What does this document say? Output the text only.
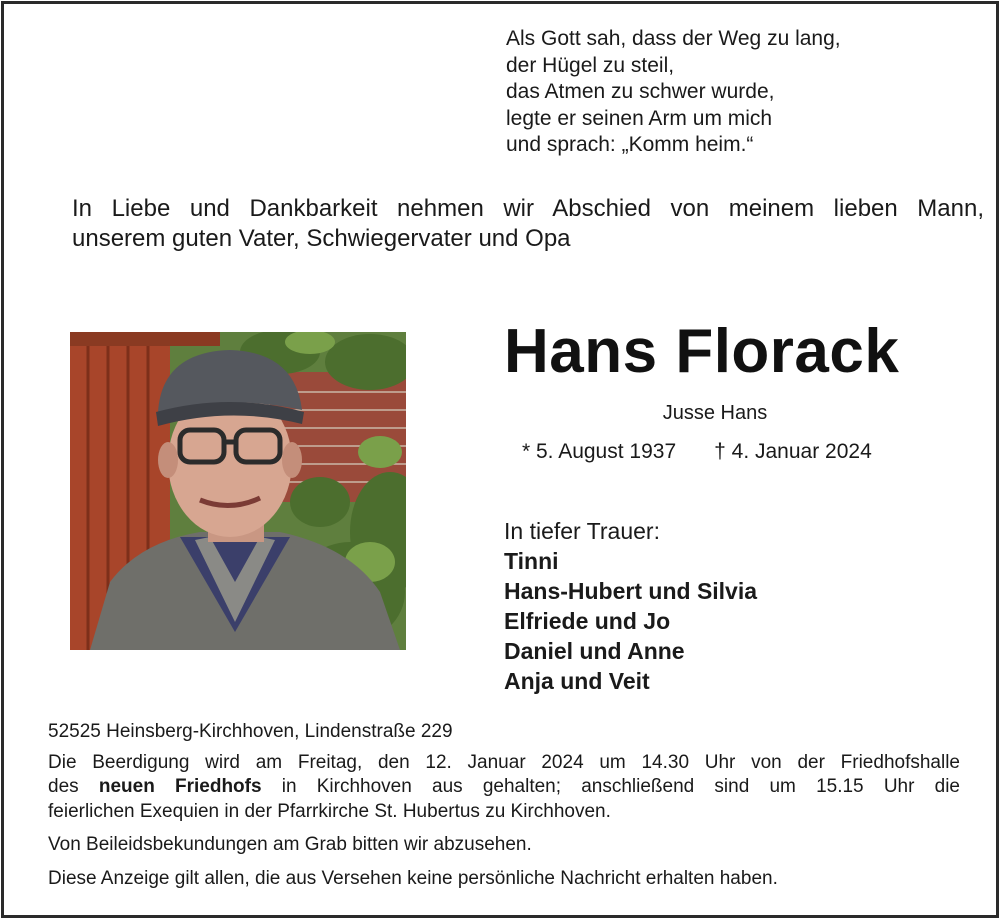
Als Gott sah, dass der Weg zu lang,
der Hügel zu steil,
das Atmen zu schwer wurde,
legte er seinen Arm um mich
und sprach: „Komm heim.“
In Liebe und Dankbarkeit nehmen wir Abschied von meinem lieben Mann,
unserem guten Vater, Schwiegervater und Opa
Hans Florack
Jusse Hans
* 5. August 1937 † 4. Januar 2024
In tiefer Trauer:
Tinni
Hans-Hubert und Silvia
Elfriede und Jo
Daniel und Anne
Anja und Veit
52525 Heinsberg-Kirchhoven, Lindenstraße 229
Die Beerdigung wird am Freitag, den 12. Januar 2024 um 14.30 Uhr von der Friedhofshalle
des neuen Friedhofs in Kirchhoven aus gehalten; anschließend sind um 15.15 Uhr die
feierlichen Exequien in der Pfarrkirche St. Hubertus zu Kirchhoven.
Von Beileidsbekundungen am Grab bitten wir abzusehen.
Diese Anzeige gilt allen, die aus Versehen keine persönliche Nachricht erhalten haben.
